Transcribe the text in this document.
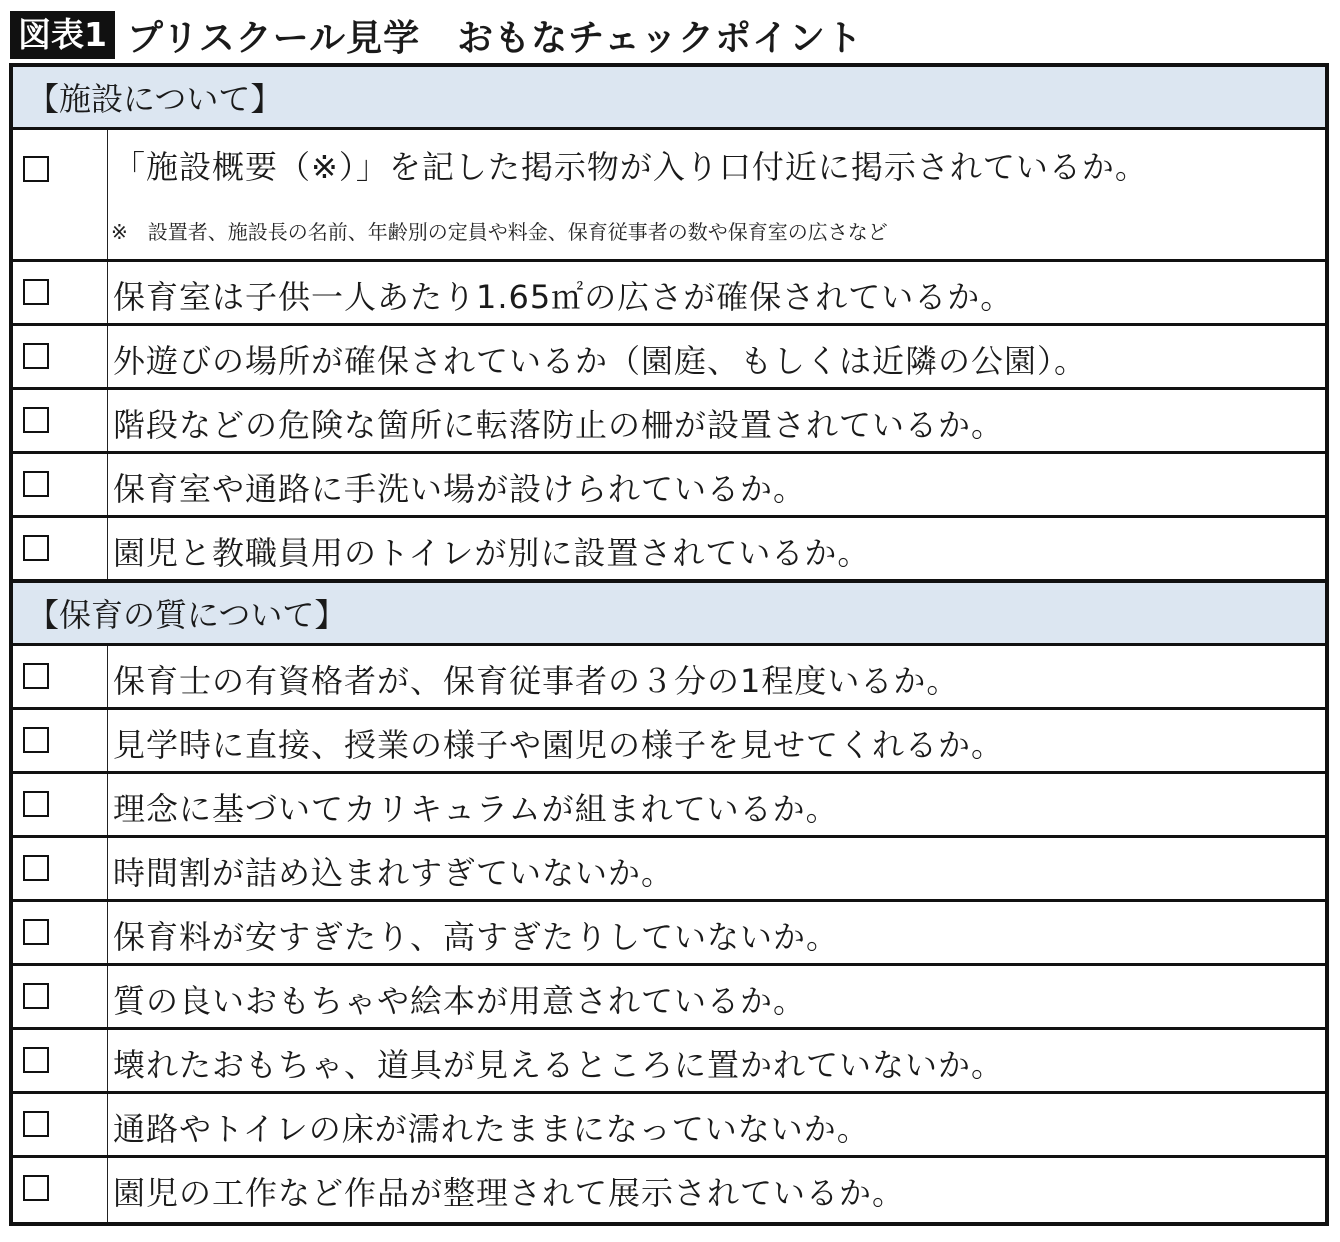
図表1 プリスクール見学　おもなチェックポイント
【施設について】
「施設概要（※）」を記した掲示物が入り口付近に掲示されているか。
※　設置者、施設長の名前、年齢別の定員や料金、保育従事者の数や保育室の広さなど
保育室は子供一人あたり1.65㎡の広さが確保されているか。
外遊びの場所が確保されているか（園庭、もしくは近隣の公園）。
階段などの危険な箇所に転落防止の柵が設置されているか。
保育室や通路に手洗い場が設けられているか。
園児と教職員用のトイレが別に設置されているか。
【保育の質について】
保育士の有資格者が、保育従事者の３分の1程度いるか。
見学時に直接、授業の様子や園児の様子を見せてくれるか。
理念に基づいてカリキュラムが組まれているか。
時間割が詰め込まれすぎていないか。
保育料が安すぎたり、高すぎたりしていないか。
質の良いおもちゃや絵本が用意されているか。
壊れたおもちゃ、道具が見えるところに置かれていないか。
通路やトイレの床が濡れたままになっていないか。
園児の工作など作品が整理されて展示されているか。
